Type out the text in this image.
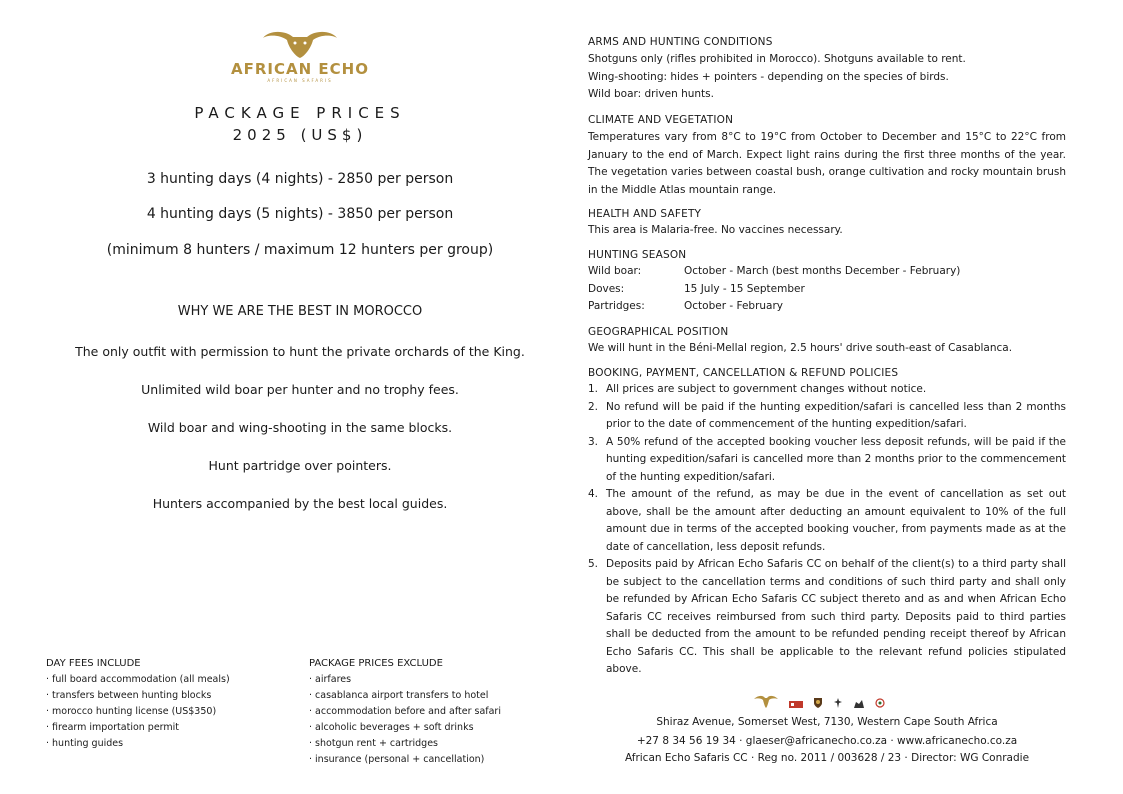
AFRICAN ECHO
AFRICAN SAFARIS
PACKAGE PRICES
2025 (US$)
3 hunting days (4 nights) - 2850 per person
4 hunting days (5 nights) - 3850 per person
(minimum 8 hunters / maximum 12 hunters per group)
WHY WE ARE THE BEST IN MOROCCO
The only outfit with permission to hunt the private orchards of the King.
Unlimited wild boar per hunter and no trophy fees.
Wild boar and wing-shooting in the same blocks.
Hunt partridge over pointers.
Hunters accompanied by the best local guides.
DAY FEES INCLUDE
· full board accommodation (all meals)
· transfers between hunting blocks
· morocco hunting license (US$350)
· firearm importation permit
· hunting guides
PACKAGE PRICES EXCLUDE
· airfares
· casablanca airport transfers to hotel
· accommodation before and after safari
· alcoholic beverages + soft drinks
· shotgun rent + cartridges
· insurance (personal + cancellation)

ARMS AND HUNTING CONDITIONS

Shotguns only (rifles prohibited in Morocco). Shotguns available to rent.

Wing-shooting: hides + pointers - depending on the species of birds.

Wild boar: driven hunts.

CLIMATE AND VEGETATION

Temperatures vary from 8°C to 19°C from October to December and 15°C to 22°C from January to the end of March. Expect light rains during the first three months of the year. The vegetation varies between coastal bush, orange cultivation and rocky mountain brush in the Middle Atlas mountain range.

HEALTH AND SAFETY

This area is Malaria-free. No vaccines necessary.

HUNTING SEASON

Wild boar:	October - March (best months December - February)
Doves:	15 July - 15 September
Partridges:	October - February

GEOGRAPHICAL POSITION

We will hunt in the Béni-Mellal region, 2.5 hours' drive south-east of Casablanca.

BOOKING, PAYMENT, CANCELLATION & REFUND POLICIES

1. All prices are subject to government changes without notice.
2. No refund will be paid if the hunting expedition/safari is cancelled less than 2 months prior to the date of commencement of the hunting expedition/safari.
3. A 50% refund of the accepted booking voucher less deposit refunds, will be paid if the hunting expedition/safari is cancelled more than 2 months prior to the commencement of the hunting expedition/safari.
4. The amount of the refund, as may be due in the event of cancellation as set out above, shall be the amount after deducting an amount equivalent to 10% of the full amount due in terms of the accepted booking voucher, from payments made as at the date of cancellation, less deposit refunds.
5. Deposits paid by African Echo Safaris CC on behalf of the client(s) to a third party shall be subject to the cancellation terms and conditions of such third party and shall only be refunded by African Echo Safaris CC subject thereto and as and when African Echo Safaris CC receives reimbursed from such third party. Deposits paid to third parties shall be deducted from the amount to be refunded pending receipt thereof by African Echo Safaris CC. This shall be applicable to the relevant refund policies stipulated above.
Shiraz Avenue, Somerset West, 7130, Western Cape South Africa
+27 8 34 56 19 34 · glaeser@africanecho.co.za · www.africanecho.co.za
African Echo Safaris CC · Reg no. 2011 / 003628 / 23 · Director: WG Conradie
